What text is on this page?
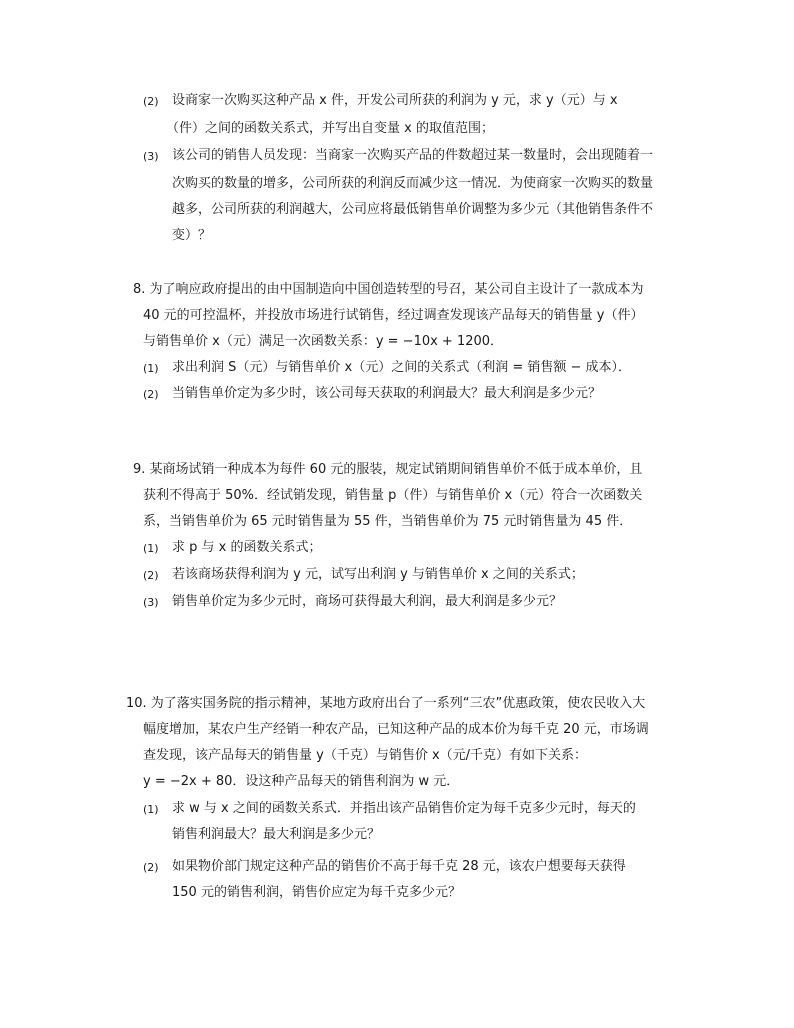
(2) 设商家一次购买这种产品 x 件，开发公司所获的利润为 y 元，求 y（元）与 x
（件）之间的函数关系式，并写出自变量 x 的取值范围；
(3) 该公司的销售人员发现：当商家一次购买产品的件数超过某一数量时，会出现随着一
次购买的数量的增多，公司所获的利润反而减少这一情况．为使商家一次购买的数量
越多，公司所获的利润越大，公司应将最低销售单价调整为多少元（其他销售条件不
变）？
8. 为了响应政府提出的由中国制造向中国创造转型的号召，某公司自主设计了一款成本为
40 元的可控温杯，并投放市场进行试销售，经过调查发现该产品每天的销售量 y（件）
与销售单价 x（元）满足一次函数关系：y = −10x + 1200．
(1) 求出利润 S（元）与销售单价 x（元）之间的关系式（利润 = 销售额 − 成本）．
(2) 当销售单价定为多少时，该公司每天获取的利润最大？最大利润是多少元？
9. 某商场试销一种成本为每件 60 元的服装，规定试销期间销售单价不低于成本单价，且
获利不得高于 50%．经试销发现，销售量 p（件）与销售单价 x（元）符合一次函数关
系，当销售单价为 65 元时销售量为 55 件，当销售单价为 75 元时销售量为 45 件．
(1) 求 p 与 x 的函数关系式；
(2) 若该商场获得利润为 y 元，试写出利润 y 与销售单价 x 之间的关系式；
(3) 销售单价定为多少元时，商场可获得最大利润，最大利润是多少元？
10. 为了落实国务院的指示精神，某地方政府出台了一系列“三农”优惠政策，使农民收入大
幅度增加，某农户生产经销一种农产品，已知这种产品的成本价为每千克 20 元，市场调
查发现，该产品每天的销售量 y（千克）与销售价 x（元/千克）有如下关系：
y = −2x + 80．设这种产品每天的销售利润为 w 元．
(1) 求 w 与 x 之间的函数关系式．并指出该产品销售价定为每千克多少元时，每天的
销售利润最大？最大利润是多少元？
(2) 如果物价部门规定这种产品的销售价不高于每千克 28 元，该农户想要每天获得
150 元的销售利润，销售价应定为每千克多少元？
